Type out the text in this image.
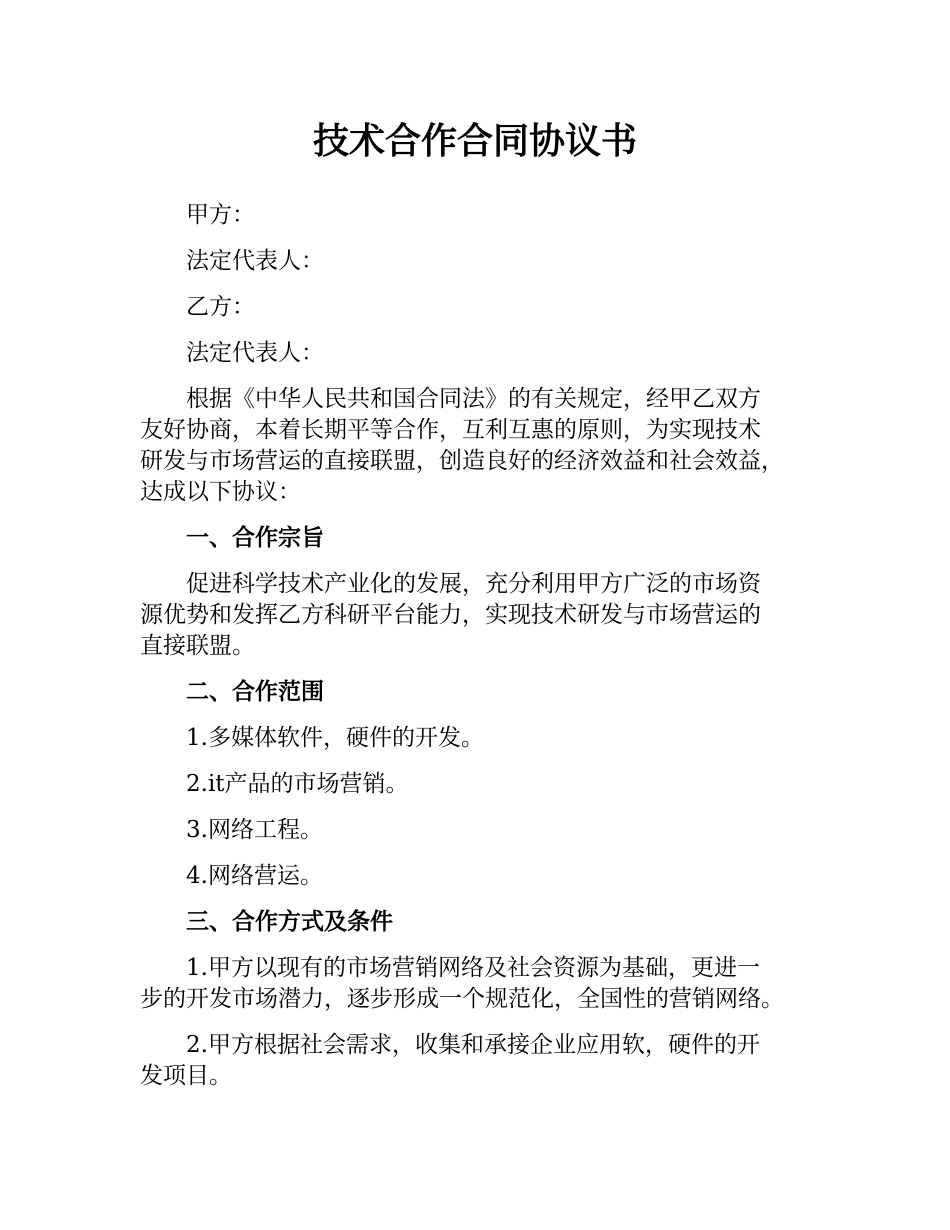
技术合作合同协议书

甲方：

法定代表人：

乙方：

法定代表人：

根据《中华人民共和国合同法》的有关规定，经甲乙双方

友好协商，本着长期平等合作，互利互惠的原则，为实现技术

研发与市场营运的直接联盟，创造良好的经济效益和社会效益，

达成以下协议：

一、合作宗旨

促进科学技术产业化的发展，充分利用甲方广泛的市场资

源优势和发挥乙方科研平台能力，实现技术研发与市场营运的

直接联盟。

二、合作范围

1.多媒体软件，硬件的开发。

2.it产品的市场营销。

3.网络工程。

4.网络营运。

三、合作方式及条件

1.甲方以现有的市场营销网络及社会资源为基础，更进一

步的开发市场潜力，逐步形成一个规范化，全国性的营销网络。

2.甲方根据社会需求，收集和承接企业应用软，硬件的开

发项目。
